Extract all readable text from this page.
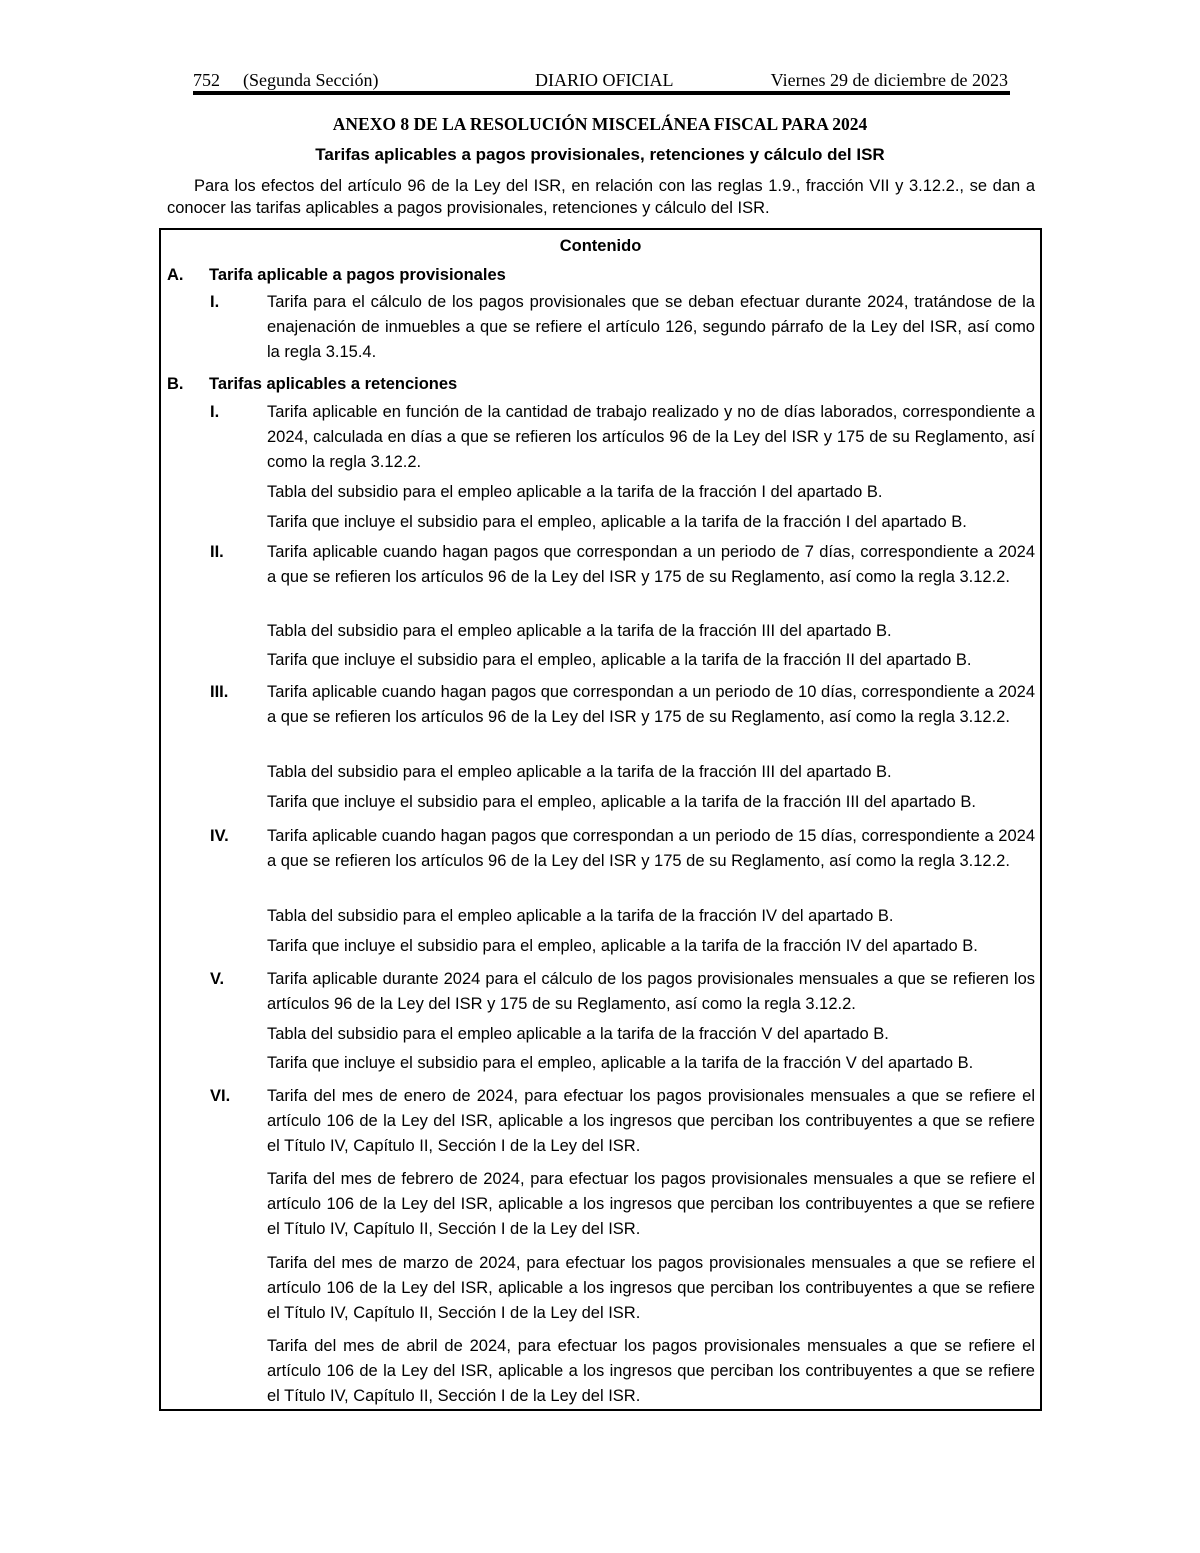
752 (Segunda Sección)	DIARIO OFICIAL	Viernes 29 de diciembre de 2023
ANEXO 8 DE LA RESOLUCIÓN MISCELÁNEA FISCAL PARA 2024
Tarifas aplicables a pagos provisionales, retenciones y cálculo del ISR

Para los efectos del artículo 96 de la Ley del ISR, en relación con las reglas 1.9., fracción VII y 3.12.2., se dan a conocer las tarifas aplicables a pagos provisionales, retenciones y cálculo del ISR.

Contenido
A. Tarifa aplicable a pagos provisionales
I.	Tarifa para el cálculo de los pagos provisionales que se deban efectuar durante 2024, tratándose de la enajenación de inmuebles a que se refiere el artículo 126, segundo párrafo de la Ley del ISR, así como la regla 3.15.4.

B. Tarifas aplicables a retenciones
I.	Tarifa aplicable en función de la cantidad de trabajo realizado y no de días laborados, correspondiente a 2024, calculada en días a que se refieren los artículos 96 de la Ley del ISR y 175 de su Reglamento, así como la regla 3.12.2.

Tabla del subsidio para el empleo aplicable a la tarifa de la fracción I del apartado B.

Tarifa que incluye el subsidio para el empleo, aplicable a la tarifa de la fracción I del apartado B.

II.	Tarifa aplicable cuando hagan pagos que correspondan a un periodo de 7 días, correspondiente a 2024 a que se refieren los artículos 96 de la Ley del ISR y 175 de su Reglamento, así como la regla 3.12.2.

Tabla del subsidio para el empleo aplicable a la tarifa de la fracción III del apartado B.

Tarifa que incluye el subsidio para el empleo, aplicable a la tarifa de la fracción II del apartado B.

III. Tarifa aplicable cuando hagan pagos que correspondan a un periodo de 10 días, correspondiente a 2024 a que se refieren los artículos 96 de la Ley del ISR y 175 de su Reglamento, así como la regla 3.12.2.

Tabla del subsidio para el empleo aplicable a la tarifa de la fracción III del apartado B.

Tarifa que incluye el subsidio para el empleo, aplicable a la tarifa de la fracción III del apartado B.

IV. Tarifa aplicable cuando hagan pagos que correspondan a un periodo de 15 días, correspondiente a 2024 a que se refieren los artículos 96 de la Ley del ISR y 175 de su Reglamento, así como la regla 3.12.2.

Tabla del subsidio para el empleo aplicable a la tarifa de la fracción IV del apartado B.

Tarifa que incluye el subsidio para el empleo, aplicable a la tarifa de la fracción IV del apartado B.

V.	Tarifa aplicable durante 2024 para el cálculo de los pagos provisionales mensuales a que se refieren los artículos 96 de la Ley del ISR y 175 de su Reglamento, así como la regla 3.12.2.

Tabla del subsidio para el empleo aplicable a la tarifa de la fracción V del apartado B.

Tarifa que incluye el subsidio para el empleo, aplicable a la tarifa de la fracción V del apartado B.

VI. Tarifa del mes de enero de 2024, para efectuar los pagos provisionales mensuales a que se refiere el artículo 106 de la Ley del ISR, aplicable a los ingresos que perciban los contribuyentes a que se refiere el Título IV, Capítulo II, Sección I de la Ley del ISR.

Tarifa del mes de febrero de 2024, para efectuar los pagos provisionales mensuales a que se refiere el artículo 106 de la Ley del ISR, aplicable a los ingresos que perciban los contribuyentes a que se refiere el Título IV, Capítulo II, Sección I de la Ley del ISR.

Tarifa del mes de marzo de 2024, para efectuar los pagos provisionales mensuales a que se refiere el artículo 106 de la Ley del ISR, aplicable a los ingresos que perciban los contribuyentes a que se refiere el Título IV, Capítulo II, Sección I de la Ley del ISR.

Tarifa del mes de abril de 2024, para efectuar los pagos provisionales mensuales a que se refiere el artículo 106 de la Ley del ISR, aplicable a los ingresos que perciban los contribuyentes a que se refiere el Título IV, Capítulo II, Sección I de la Ley del ISR.
